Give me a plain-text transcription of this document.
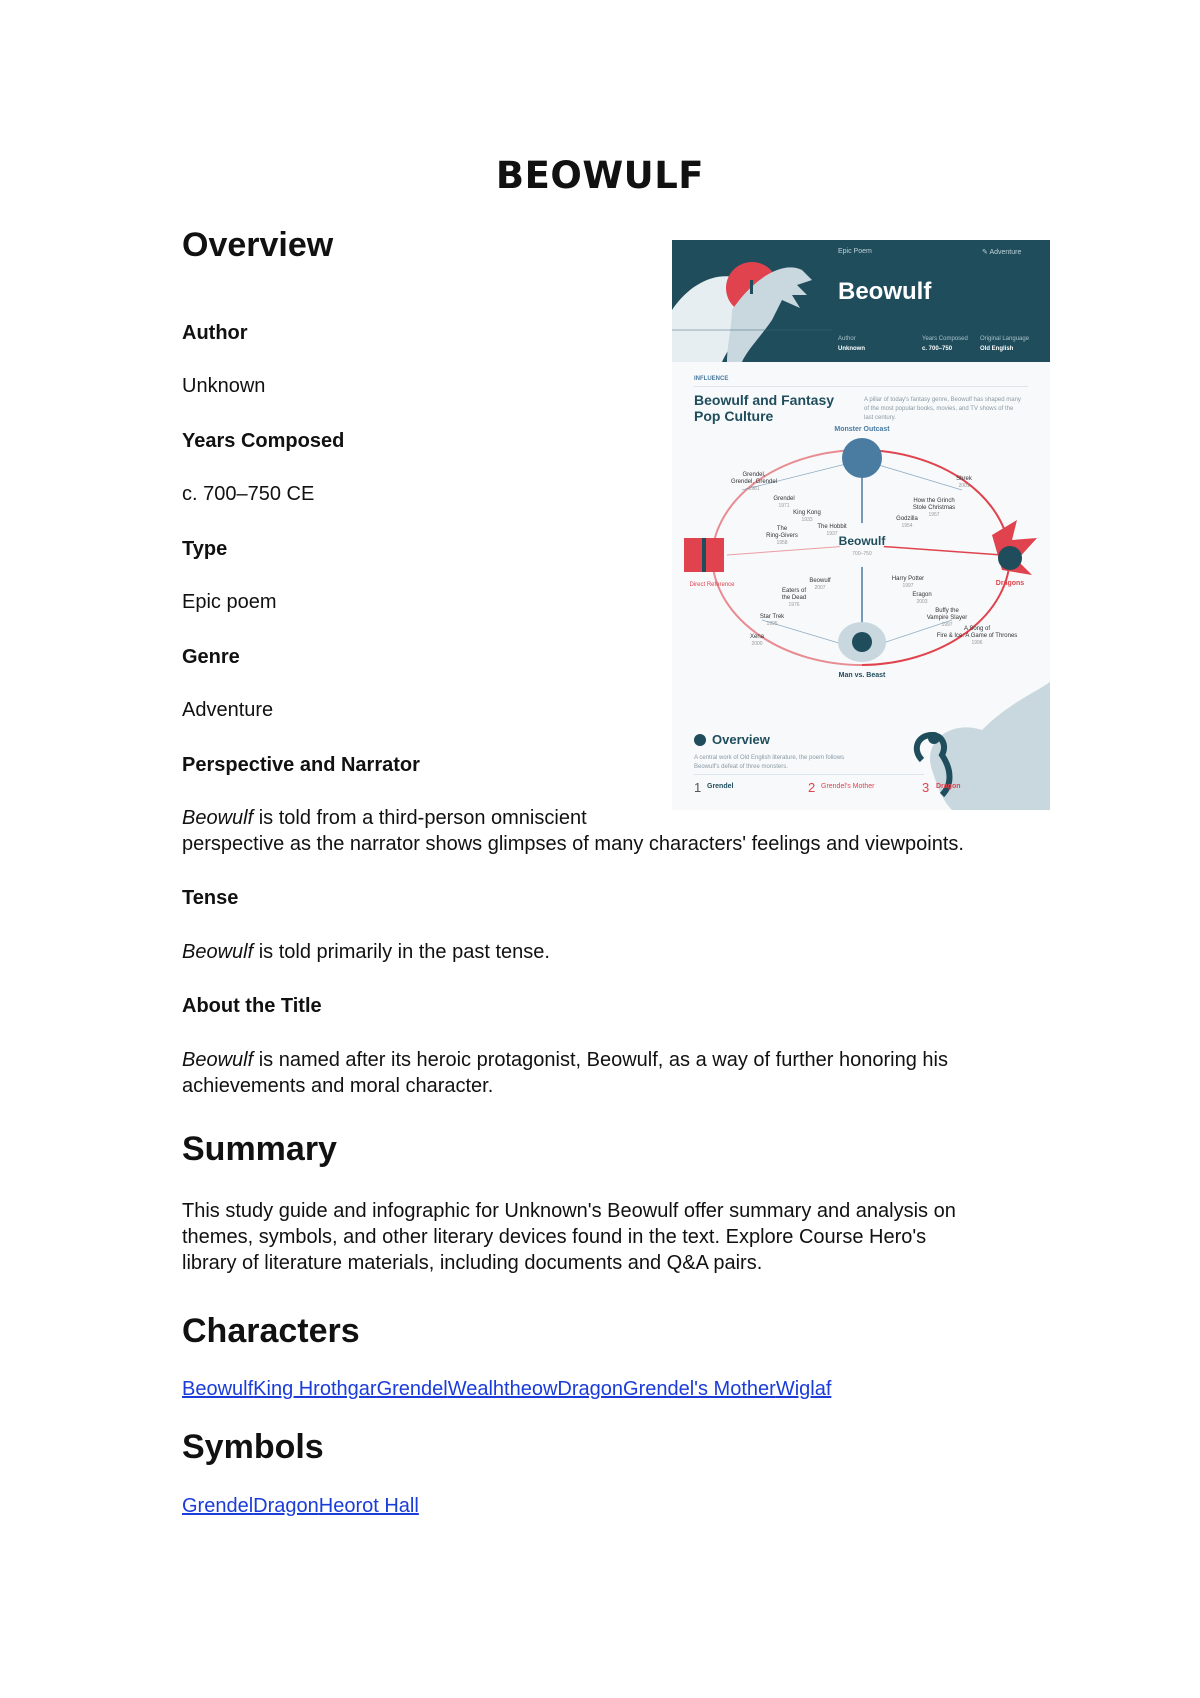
BEOWULF
Overview

Author

Unknown

Years Composed

c. 700–750 CE

Type

Epic poem

Genre

Adventure

Perspective and Narrator

Beowulf is told from a third-person omniscient

perspective as the narrator shows glimpses of many characters' feelings and viewpoints.

Tense

Beowulf is told primarily in the past tense.

About the Title

Beowulf is named after its heroic protagonist, Beowulf, as a way of further honoring his

achievements and moral character.

Summary

This study guide and infographic for Unknown's Beowulf offer summary and analysis on

themes, symbols, and other literary devices found in the text. Explore Course Hero's

library of literature materials, including documents and Q&A pairs.

Characters

BeowulfKing HrothgarGrendelWealhtheowDragonGrendel's MotherWiglaf

Symbols

GrendelDragonHeorot Hall

Epic Poem	✎ Adventure
Beowulf
Author
Unknown
Years Composed
c. 700–750
Original Language
Old English
INFLUENCE
Beowulf and Fantasy Pop Culture
A pillar of today's fantasy genre, Beowulf has shaped many of the most popular books, movies, and TV shows of the last century.
Beowulf
700–750
Monster Outcast
Direct Reference	Dragons
Man vs. Beast
Grendel,
Grendel, Grendel
1981
Grendel
1971
King Kong
1933
The
Ring-Givers
1958
The Hobbit
1937
Shrek
2001
How the Grinch
Stole Christmas
1957
Godzilla
1954
Beowulf
2007
Eaters of
the Dead
1976
Star Trek
1995
Xena
2000
Harry Potter
1997
Eragon
2003
Buffy the
Vampire Slayer
1997
A Song of
Fire & Ice: A Game of Thrones
1996
Overview
A central work of Old English literature, the poem follows Beowulf's defeat of three monsters.
1 Grendel	2 Grendel's Mother	3 Dragon
